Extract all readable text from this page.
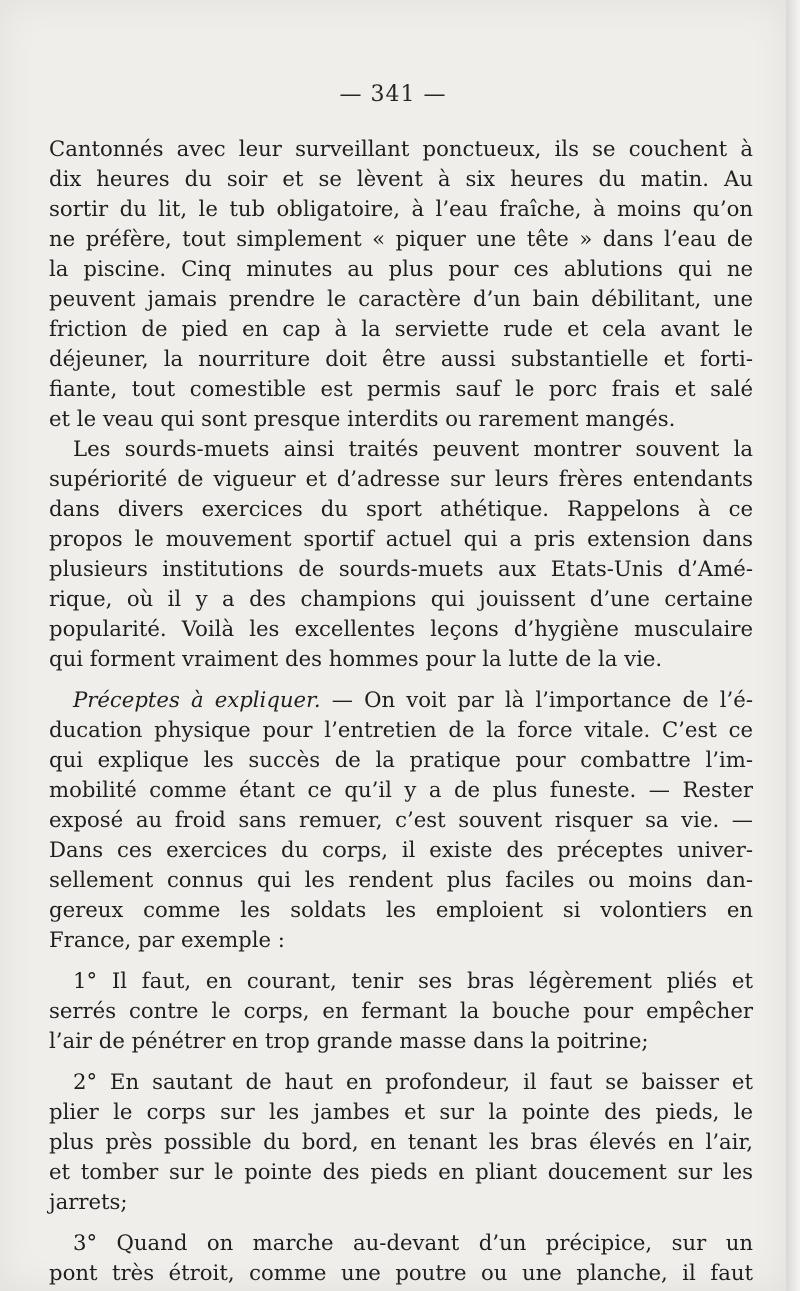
— 341 —
Cantonnés avec leur surveillant ponctueux, ils se couchent à
dix heures du soir et se lèvent à six heures du matin. Au
sortir du lit, le tub obligatoire, à l’eau fraîche, à moins qu’on
ne préfère, tout simplement « piquer une tête » dans l’eau de
la piscine. Cinq minutes au plus pour ces ablutions qui ne
peuvent jamais prendre le caractère d’un bain débilitant, une
friction de pied en cap à la serviette rude et cela avant le
déjeuner, la nourriture doit être aussi substantielle et forti-
fiante, tout comestible est permis sauf le porc frais et salé
et le veau qui sont presque interdits ou rarement mangés.
Les sourds-muets ainsi traités peuvent montrer souvent la
supériorité de vigueur et d’adresse sur leurs frères entendants
dans divers exercices du sport athétique. Rappelons à ce
propos le mouvement sportif actuel qui a pris extension dans
plusieurs institutions de sourds-muets aux Etats-Unis d’Amé-
rique, où il y a des champions qui jouissent d’une certaine
popularité. Voilà les excellentes leçons d’hygiène musculaire
qui forment vraiment des hommes pour la lutte de la vie.
Préceptes à expliquer. — On voit par là l’importance de l’é-
ducation physique pour l’entretien de la force vitale. C’est ce
qui explique les succès de la pratique pour combattre l’im-
mobilité comme étant ce qu’il y a de plus funeste. — Rester
exposé au froid sans remuer, c’est souvent risquer sa vie. —
Dans ces exercices du corps, il existe des préceptes univer-
sellement connus qui les rendent plus faciles ou moins dan-
gereux comme les soldats les emploient si volontiers en
France, par exemple :
1° Il faut, en courant, tenir ses bras légèrement pliés et
serrés contre le corps, en fermant la bouche pour empêcher
l’air de pénétrer en trop grande masse dans la poitrine;
2° En sautant de haut en profondeur, il faut se baisser et
plier le corps sur les jambes et sur la pointe des pieds, le
plus près possible du bord, en tenant les bras élevés en l’air,
et tomber sur le pointe des pieds en pliant doucement sur les
jarrets;
3° Quand on marche au-devant d’un précipice, sur un
pont très étroit, comme une poutre ou une planche, il faut
